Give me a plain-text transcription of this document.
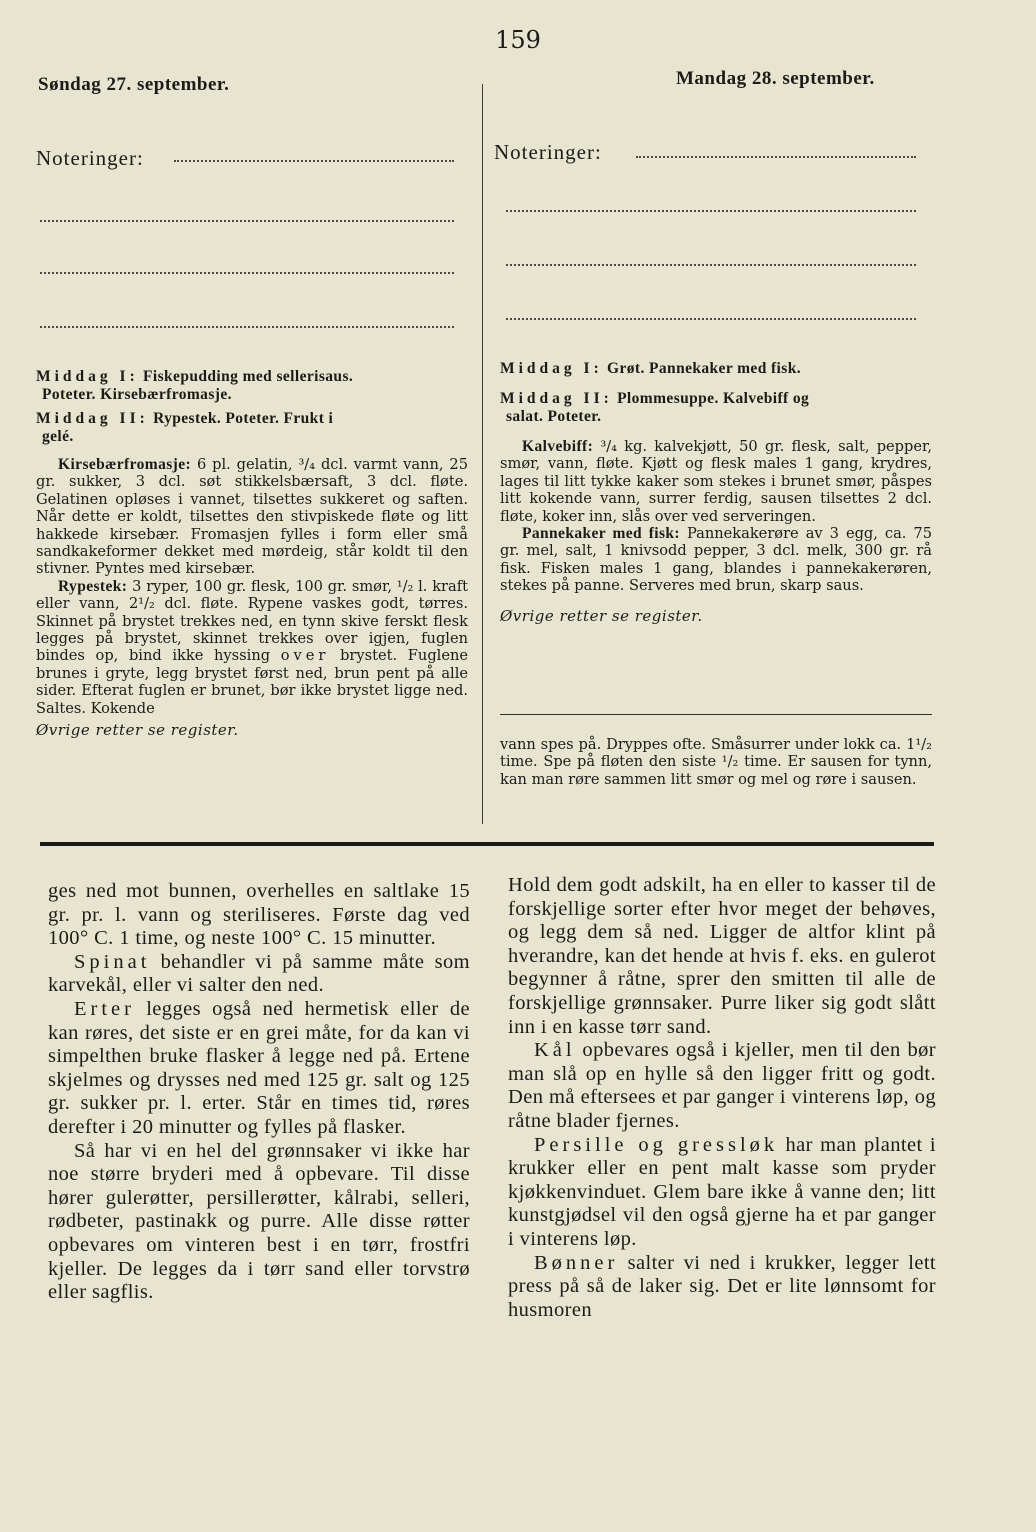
159
Søndag 27. september.
Noteringer:
Mandag 28. september.
Noteringer:
Middag I: Fiskepudding med sellerisaus.
Poteter. Kirsebærfromasje.
Middag II: Rypestek. Poteter. Frukt i
gelé.

Kirsebærfromasje: 6 pl. gelatin, ³/₄ dcl. varmt vann, 25 gr. sukker, 3 dcl. søt stikkelsbærsaft, 3 dcl. fløte. Gelatinen opløses i vannet, tilsettes sukkeret og saften. Når dette er koldt, tilsettes den stivpiskede fløte og litt hakkede kirsebær. Fromasjen fylles i form eller små sandkakeformer dekket med mørdeig, står koldt til den stivner. Pyntes med kirsebær.

Rypestek: 3 ryper, 100 gr. flesk, 100 gr. smør, ¹/₂ l. kraft eller vann, 2¹/₂ dcl. fløte. Rypene vaskes godt, tørres. Skinnet på brystet trekkes ned, en tynn skive ferskt flesk legges på brystet, skinnet trekkes over igjen, fuglen bindes op, bind ikke hyssing over brystet. Fuglene brunes i gryte, legg brystet først ned, brun pent på alle sider. Efterat fuglen er brunet, bør ikke brystet ligge ned. Saltes. Kokende

Øvrige retter se register.
Middag I: Grøt. Pannekaker med fisk.
Middag II: Plommesuppe. Kalvebiff og
salat. Poteter.

Kalvebiff: ³/₄ kg. kalvekjøtt, 50 gr. flesk, salt, pepper, smør, vann, fløte. Kjøtt og flesk males 1 gang, krydres, lages til litt tykke kaker som stekes i brunet smør, påspes litt kokende vann, surrer ferdig, sausen tilsettes 2 dcl. fløte, koker inn, slås over ved serveringen.

Pannekaker med fisk: Pannekakerøre av 3 egg, ca. 75 gr. mel, salt, 1 knivsodd pepper, 3 dcl. melk, 300 gr. rå fisk. Fisken males 1 gang, blandes i pannekakerøren, stekes på panne. Serveres med brun, skarp saus.

Øvrige retter se register.

vann spes på. Dryppes ofte. Småsurrer under lokk ca. 1¹/₂ time. Spe på fløten den siste ¹/₂ time. Er sausen for tynn, kan man røre sammen litt smør og mel og røre i sausen.

ges ned mot bunnen, overhelles en saltlake 15 gr. pr. l. vann og steriliseres. Første dag ved 100° C. 1 time, og neste 100° C. 15 minutter.

Spinat behandler vi på samme måte som karvekål, eller vi salter den ned.

Erter legges også ned hermetisk eller de kan røres, det siste er en grei måte, for da kan vi simpelthen bruke flasker å legge ned på. Ertene skjelmes og drysses ned med 125 gr. salt og 125 gr. sukker pr. l. erter. Står en times tid, røres derefter i 20 minutter og fylles på flasker.

Så har vi en hel del grønnsaker vi ikke har noe større bryderi med å opbevare. Til disse hører gulerøtter, persillerøtter, kålrabi, selleri, rødbeter, pastinakk og purre. Alle disse røtter opbevares om vinteren best i en tørr, frostfri kjeller. De legges da i tørr sand eller torvstrø eller sagflis.

Hold dem godt adskilt, ha en eller to kasser til de forskjellige sorter efter hvor meget der behøves, og legg dem så ned. Ligger de altfor klint på hverandre, kan det hende at hvis f. eks. en gulerot begynner å råtne, sprer den smitten til alle de forskjellige grønnsaker. Purre liker sig godt slått inn i en kasse tørr sand.

Kål opbevares også i kjeller, men til den bør man slå op en hylle så den ligger fritt og godt. Den må eftersees et par ganger i vinterens løp, og råtne blader fjernes.

Persille og gressløk har man plantet i krukker eller en pent malt kasse som pryder kjøkkenvinduet. Glem bare ikke å vanne den; litt kunstgjødsel vil den også gjerne ha et par ganger i vinterens løp.

Bønner salter vi ned i krukker, legger lett press på så de laker sig. Det er lite lønnsomt for husmoren
